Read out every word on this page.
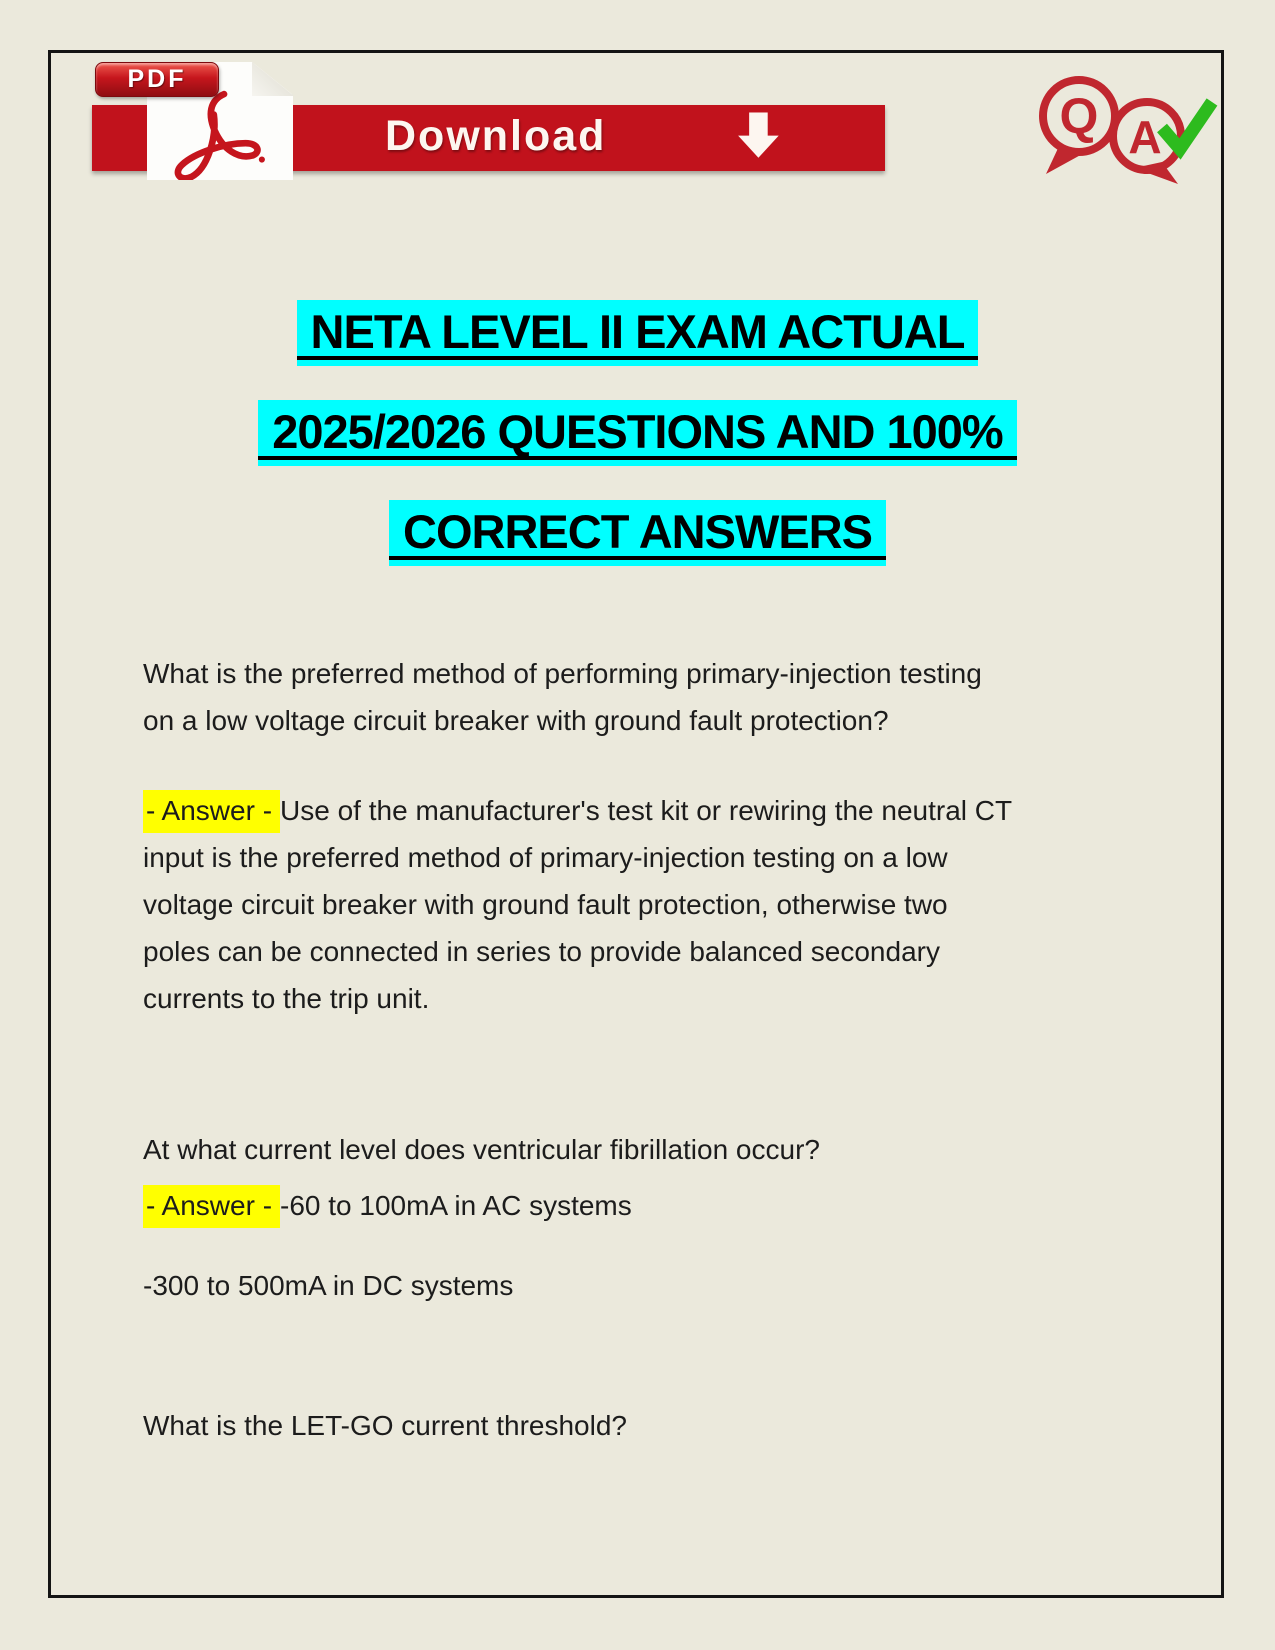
Download
PDF
Q A
NETA LEVEL II EXAM ACTUAL
2025/2026 QUESTIONS AND 100%
CORRECT ANSWERS
What is the preferred method of performing primary-injection testing
on a low voltage circuit breaker with ground fault protection?
- Answer - Use of the manufacturer's test kit or rewiring the neutral CT
input is the preferred method of primary-injection testing on a low
voltage circuit breaker with ground fault protection, otherwise two
poles can be connected in series to provide balanced secondary
currents to the trip unit.
At what current level does ventricular fibrillation occur?
- Answer - -60 to 100mA in AC systems
-300 to 500mA in DC systems
What is the LET-GO current threshold?
